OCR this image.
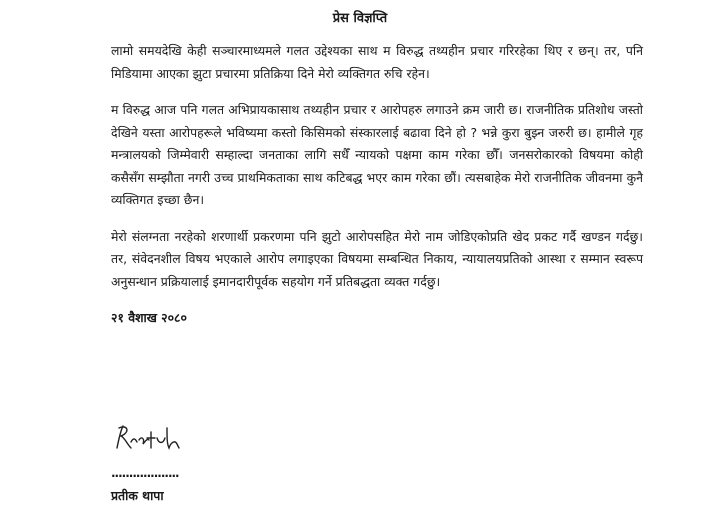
प्रेस विज्ञप्ति

लामो समयदेखि केही सञ्चारमाध्यमले गलत उद्देश्यका साथ म विरुद्ध तथ्यहीन प्रचार गरिरहेका थिए र छन्। तर, पनि मिडियामा आएका झुटा प्रचारमा प्रतिक्रिया दिने मेरो व्यक्तिगत रुचि रहेन।

म विरुद्ध आज पनि गलत अभिप्रायकासाथ तथ्यहीन प्रचार र आरोपहरु लगाउने क्रम जारी छ। राजनीतिक प्रतिशोध जस्तो देखिने यस्ता आरोपहरूले भविष्यमा कस्तो किसिमको संस्कारलाई बढावा दिने हो ? भन्ने कुरा बुझ्न जरुरी छ। हामीले गृह मन्त्रालयको जिम्मेवारी सम्हाल्दा जनताका लागि सधैँ न्यायको पक्षमा काम गरेका छौँ। जनसरोकारको विषयमा कोही कसैसँग सम्झौता नगरी उच्च प्राथमिकताका साथ कटिबद्ध भएर काम गरेका छौं। त्यसबाहेक मेरो राजनीतिक जीवनमा कुनै व्यक्तिगत इच्छा छैन।

मेरो संलग्नता नरहेको शरणार्थी प्रकरणमा पनि झुटो आरोपसहित मेरो नाम जोडिएकोप्रति खेद प्रकट गर्दै खण्डन गर्दछु। तर, संवेदनशील विषय भएकाले आरोप लगाइएका विषयमा सम्बन्धित निकाय, न्यायालयप्रतिको आस्था र सम्मान स्वरूप अनुसन्धान प्रक्रियालाई इमानदारीपूर्वक सहयोग गर्ने प्रतिबद्धता व्यक्त गर्दछु।

२१ वैशाख २०८०
...................
प्रतीक थापा
